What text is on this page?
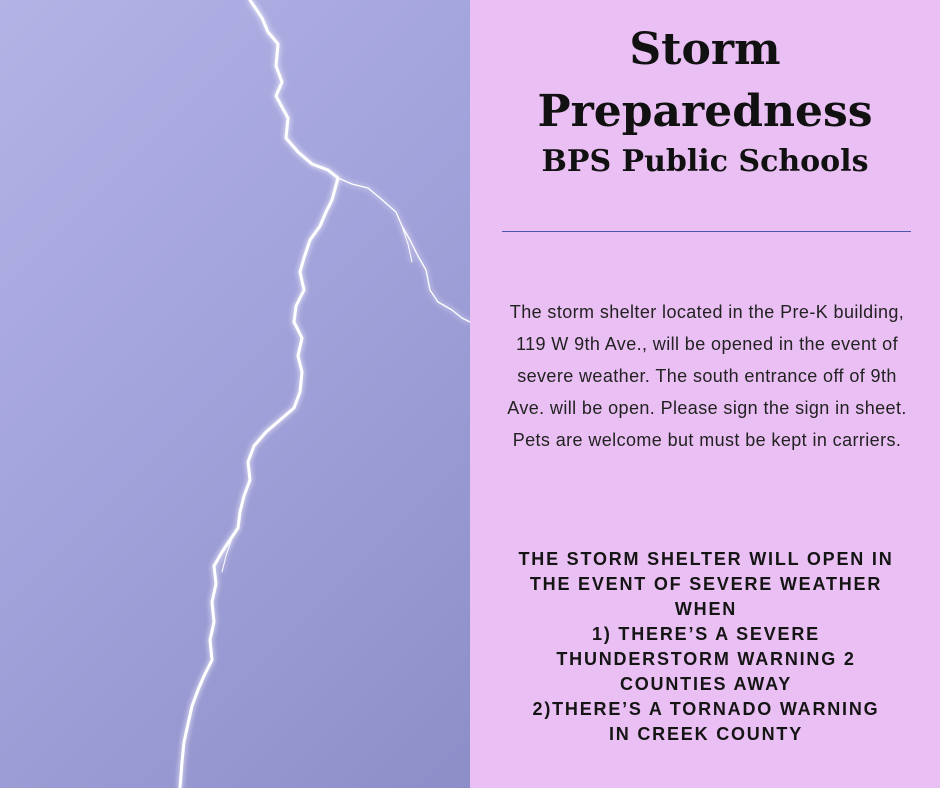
Storm
Preparedness
BPS Public Schools

The storm shelter located in the Pre-K building, 119 W 9th Ave., will be opened in the event of severe weather. The south entrance off of 9th Ave. will be open. Please sign the sign in sheet. Pets are welcome but must be kept in carriers.

THE STORM SHELTER WILL OPEN IN
THE EVENT OF SEVERE WEATHER
WHEN
1) THERE’S A SEVERE
THUNDERSTORM WARNING 2
COUNTIES AWAY
2)THERE’S A TORNADO WARNING
IN CREEK COUNTY
